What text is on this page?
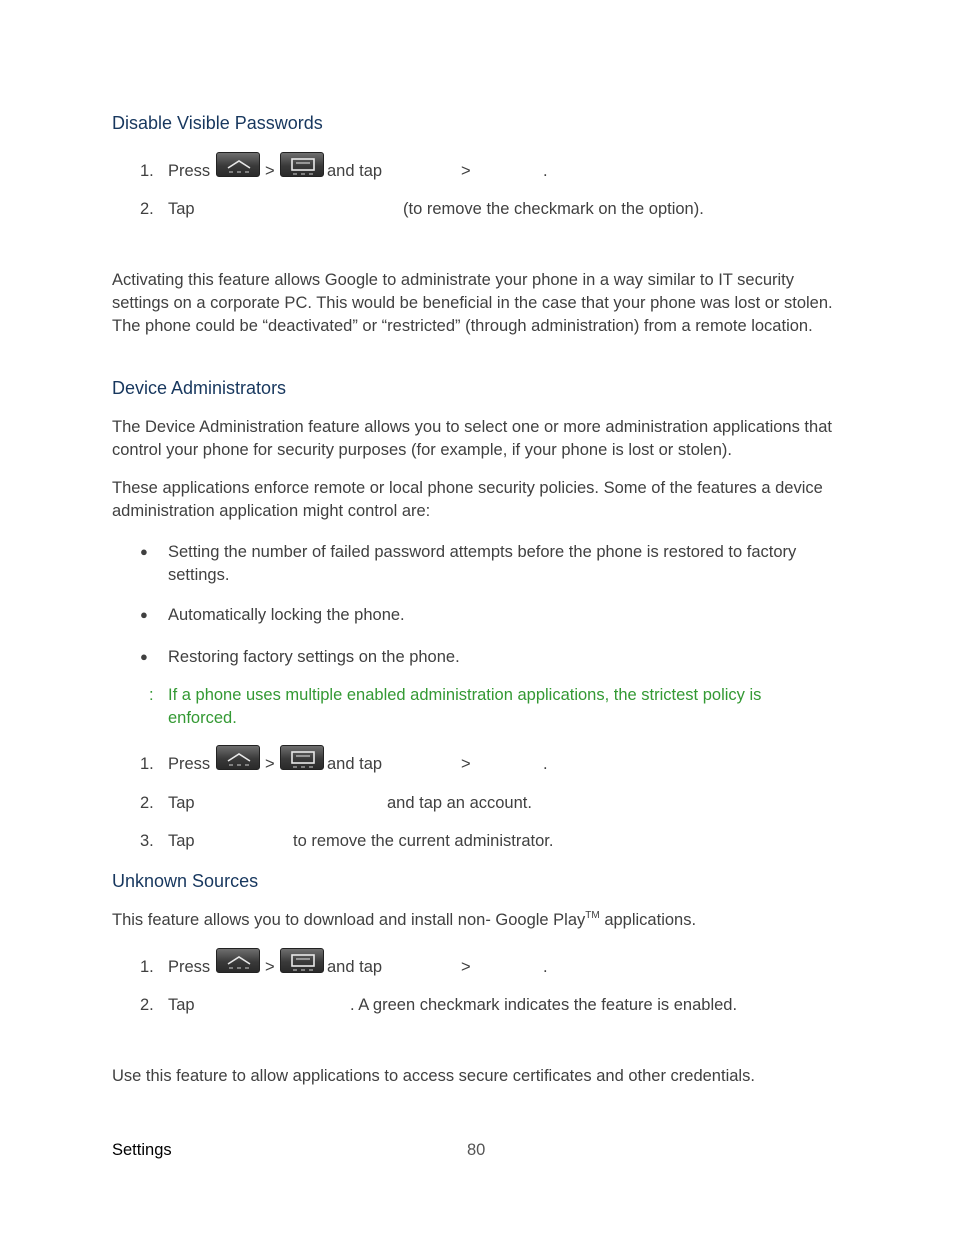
Disable Visible Passwords
1. Press	>	and tap	>	.
2. Tap	(to remove the checkmark on the option).
Activating this feature allows Google to administrate your phone in a way similar to IT security settings on a corporate PC. This would be beneficial in the case that your phone was lost or stolen. The phone could be “deactivated” or “restricted” (through administration) from a remote location.
Device Administrators
The Device Administration feature allows you to select one or more administration applications that control your phone for security purposes (for example, if your phone is lost or stolen).
These applications enforce remote or local phone security policies. Some of the features a device administration application might control are:
● Setting the number of failed password attempts before the phone is restored to factory settings.
● Automatically locking the phone.
● Restoring factory settings on the phone.
: If a phone uses multiple enabled administration applications, the strictest policy is enforced.
1. Press	>	and tap	>	.
2. Tap	and tap an account.
3. Tap	to remove the current administrator.
Unknown Sources
This feature allows you to download and install non- Google Play™ applications.
1. Press	>	and tap	>	.
2. Tap	. A green checkmark indicates the feature is enabled.
Use this feature to allow applications to access secure certificates and other credentials.
Settings	80
